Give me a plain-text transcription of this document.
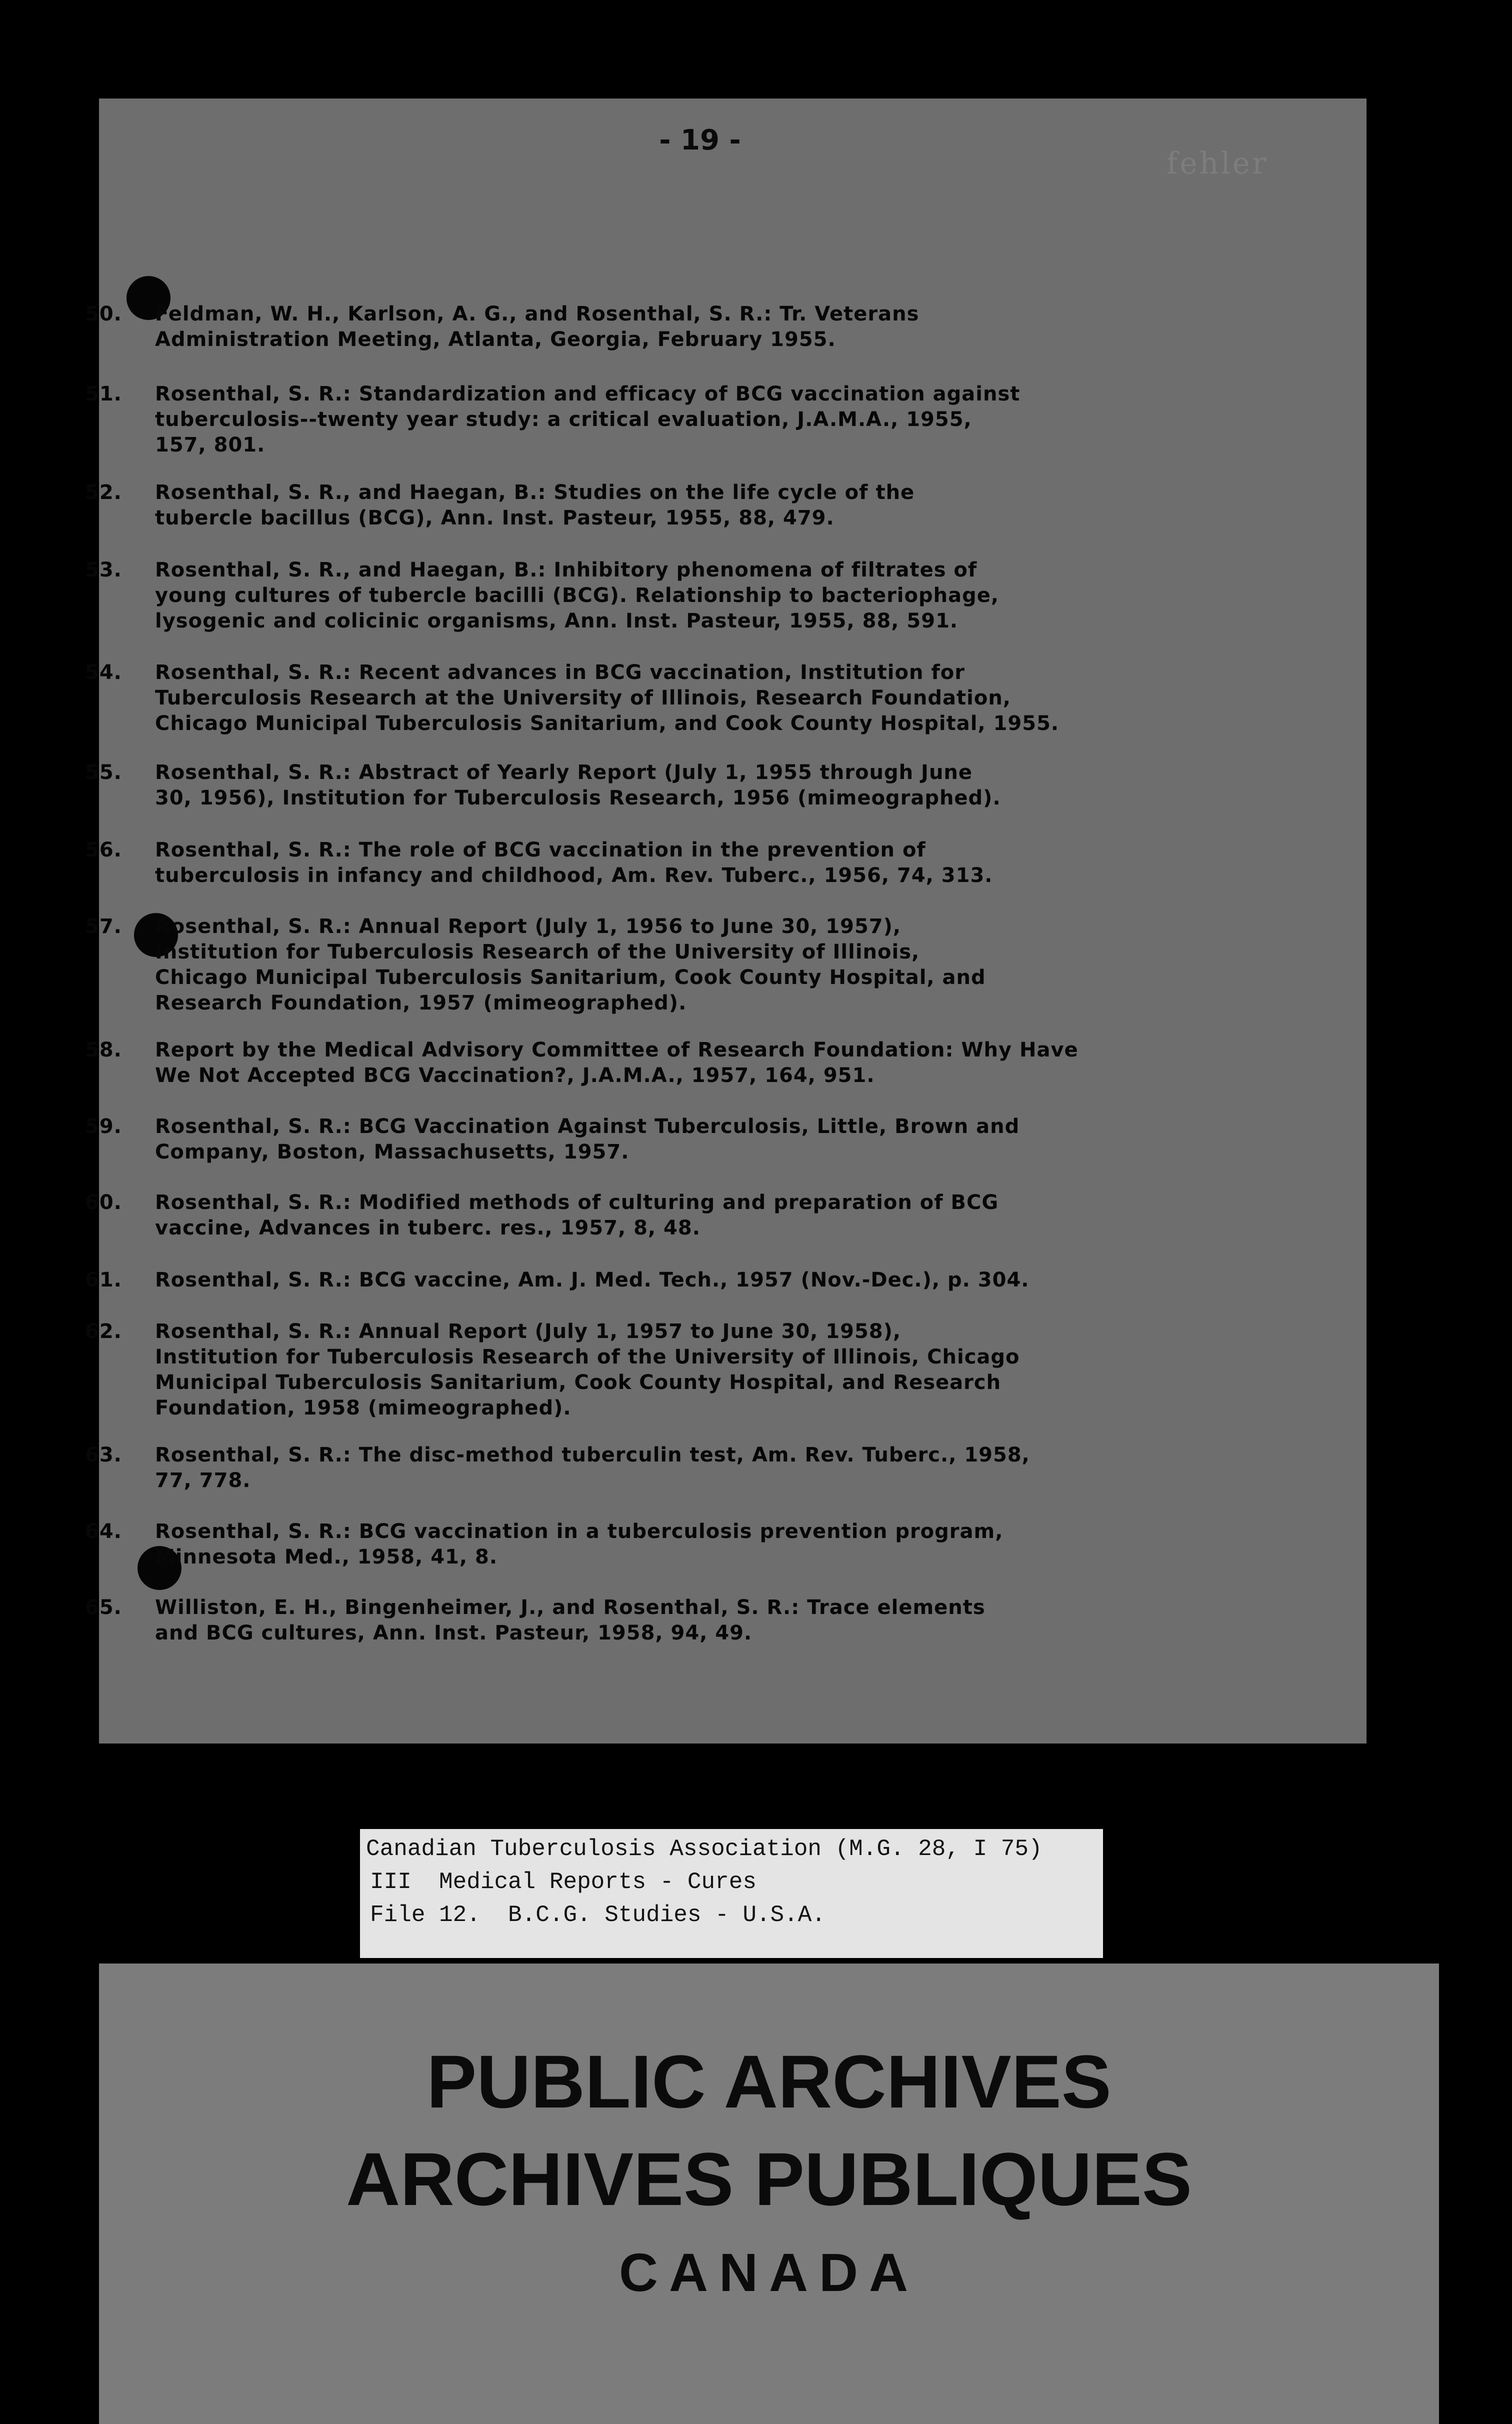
fehler
- 19 -
50.	Feldman, W. H., Karlson, A. G., and Rosenthal, S. R.: Tr. Veterans
Administration Meeting, Atlanta, Georgia, February 1955.
51.	Rosenthal, S. R.: Standardization and efficacy of BCG vaccination against
tuberculosis--twenty year study: a critical evaluation, J.A.M.A., 1955,
157, 801.
52.	Rosenthal, S. R., and Haegan, B.: Studies on the life cycle of the
tubercle bacillus (BCG), Ann. Inst. Pasteur, 1955, 88, 479.
53.	Rosenthal, S. R., and Haegan, B.: Inhibitory phenomena of filtrates of
young cultures of tubercle bacilli (BCG). Relationship to bacteriophage,
lysogenic and colicinic organisms, Ann. Inst. Pasteur, 1955, 88, 591.
54.	Rosenthal, S. R.: Recent advances in BCG vaccination, Institution for
Tuberculosis Research at the University of Illinois, Research Foundation,
Chicago Municipal Tuberculosis Sanitarium, and Cook County Hospital, 1955.
55.	Rosenthal, S. R.: Abstract of Yearly Report (July 1, 1955 through June
30, 1956), Institution for Tuberculosis Research, 1956 (mimeographed).
56.	Rosenthal, S. R.: The role of BCG vaccination in the prevention of
tuberculosis in infancy and childhood, Am. Rev. Tuberc., 1956, 74, 313.
57.	Rosenthal, S. R.: Annual Report (July 1, 1956 to June 30, 1957),
Institution for Tuberculosis Research of the University of Illinois,
Chicago Municipal Tuberculosis Sanitarium, Cook County Hospital, and
Research Foundation, 1957 (mimeographed).
58.	Report by the Medical Advisory Committee of Research Foundation: Why Have
We Not Accepted BCG Vaccination?, J.A.M.A., 1957, 164, 951.
59.	Rosenthal, S. R.: BCG Vaccination Against Tuberculosis, Little, Brown and
Company, Boston, Massachusetts, 1957.
60.	Rosenthal, S. R.: Modified methods of culturing and preparation of BCG
vaccine, Advances in tuberc. res., 1957, 8, 48.
61.	Rosenthal, S. R.: BCG vaccine, Am. J. Med. Tech., 1957 (Nov.-Dec.), p. 304.
62.	Rosenthal, S. R.: Annual Report (July 1, 1957 to June 30, 1958),
Institution for Tuberculosis Research of the University of Illinois, Chicago
Municipal Tuberculosis Sanitarium, Cook County Hospital, and Research
Foundation, 1958 (mimeographed).
63.	Rosenthal, S. R.: The disc-method tuberculin test, Am. Rev. Tuberc., 1958,
77, 778.
64.	Rosenthal, S. R.: BCG vaccination in a tuberculosis prevention program,
Minnesota Med., 1958, 41, 8.
65.	Williston, E. H., Bingenheimer, J., and Rosenthal, S. R.: Trace elements
and BCG cultures, Ann. Inst. Pasteur, 1958, 94, 49.
Canadian Tuberculosis Association (M.G. 28, I 75)
III  Medical Reports - Cures
File 12.  B.C.G. Studies - U.S.A.
PUBLIC ARCHIVES
ARCHIVES PUBLIQUES
CANADA
